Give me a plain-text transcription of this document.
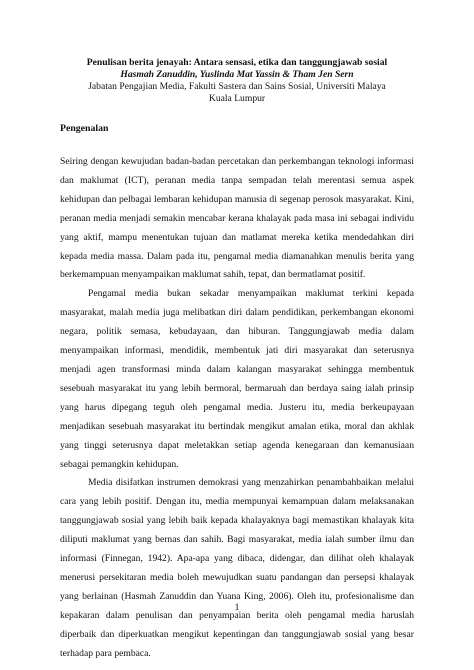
Penulisan berita jenayah: Antara sensasi, etika dan tanggungjawab sosial
Hasmah Zanuddin, Yuslinda Mat Yassin & Tham Jen Sern
Jabatan Pengajian Media, Fakulti Sastera dan Sains Sosial, Universiti Malaya
Kuala Lumpur
Pengenalan

Seiring dengan kewujudan badan-badan percetakan dan perkembangan teknologi informasi dan maklumat (ICT), peranan media tanpa sempadan telah merentasi semua aspek kehidupan dan pelbagai lembaran kehidupan manusia di segenap perosok masyarakat. Kini, peranan media menjadi semakin mencabar kerana khalayak pada masa ini sebagai individu yang aktif, mampu menentukan tujuan dan matlamat mereka ketika mendedahkan diri kepada media massa. Dalam pada itu, pengamal media diamanahkan menulis berita yang berkemampuan menyampaikan maklumat sahih, tepat, dan bermatlamat positif.

Pengamal media bukan sekadar menyampaikan maklumat terkini kepada masyarakat, malah media juga melibatkan diri dalam pendidikan, perkembangan ekonomi negara, politik semasa, kebudayaan, dan hiburan. Tanggungjawab media dalam menyampaikan informasi, mendidik, membentuk jati diri masyarakat dan seterusnya menjadi agen transformasi minda dalam kalangan masyarakat sehingga membentuk sesebuah masyarakat itu yang lebih bermoral, bermaruah dan berdaya saing ialah prinsip yang harus dipegang teguh oleh pengamal media. Justeru itu, media berkeupayaan menjadikan sesebuah masyarakat itu bertindak mengikut amalan etika, moral dan akhlak yang tinggi seterusnya dapat meletakkan setiap agenda kenegaraan dan kemanusiaan sebagai pemangkin kehidupan.

Media disifatkan instrumen demokrasi yang menzahirkan penambahbaikan melalui cara yang lebih positif. Dengan itu, media mempunyai kemampuan dalam melaksanakan tanggungjawab sosial yang lebih baik kepada khalayaknya bagi memastikan khalayak kita diliputi maklumat yang bernas dan sahih. Bagi masyarakat, media ialah sumber ilmu dan informasi (Finnegan, 1942). Apa-apa yang dibaca, didengar, dan dilihat oleh khalayak menerusi persekitaran media boleh mewujudkan suatu pandangan dan persepsi khalayak yang berlainan (Hasmah Zanuddin dan Yuana King, 2006). Oleh itu, profesionalisme dan kepakaran dalam penulisan dan penyampaian berita oleh pengamal media haruslah diperbaik dan diperkuatkan mengikut kepentingan dan tanggungjawab sosial yang besar terhadap para pembaca.

1
